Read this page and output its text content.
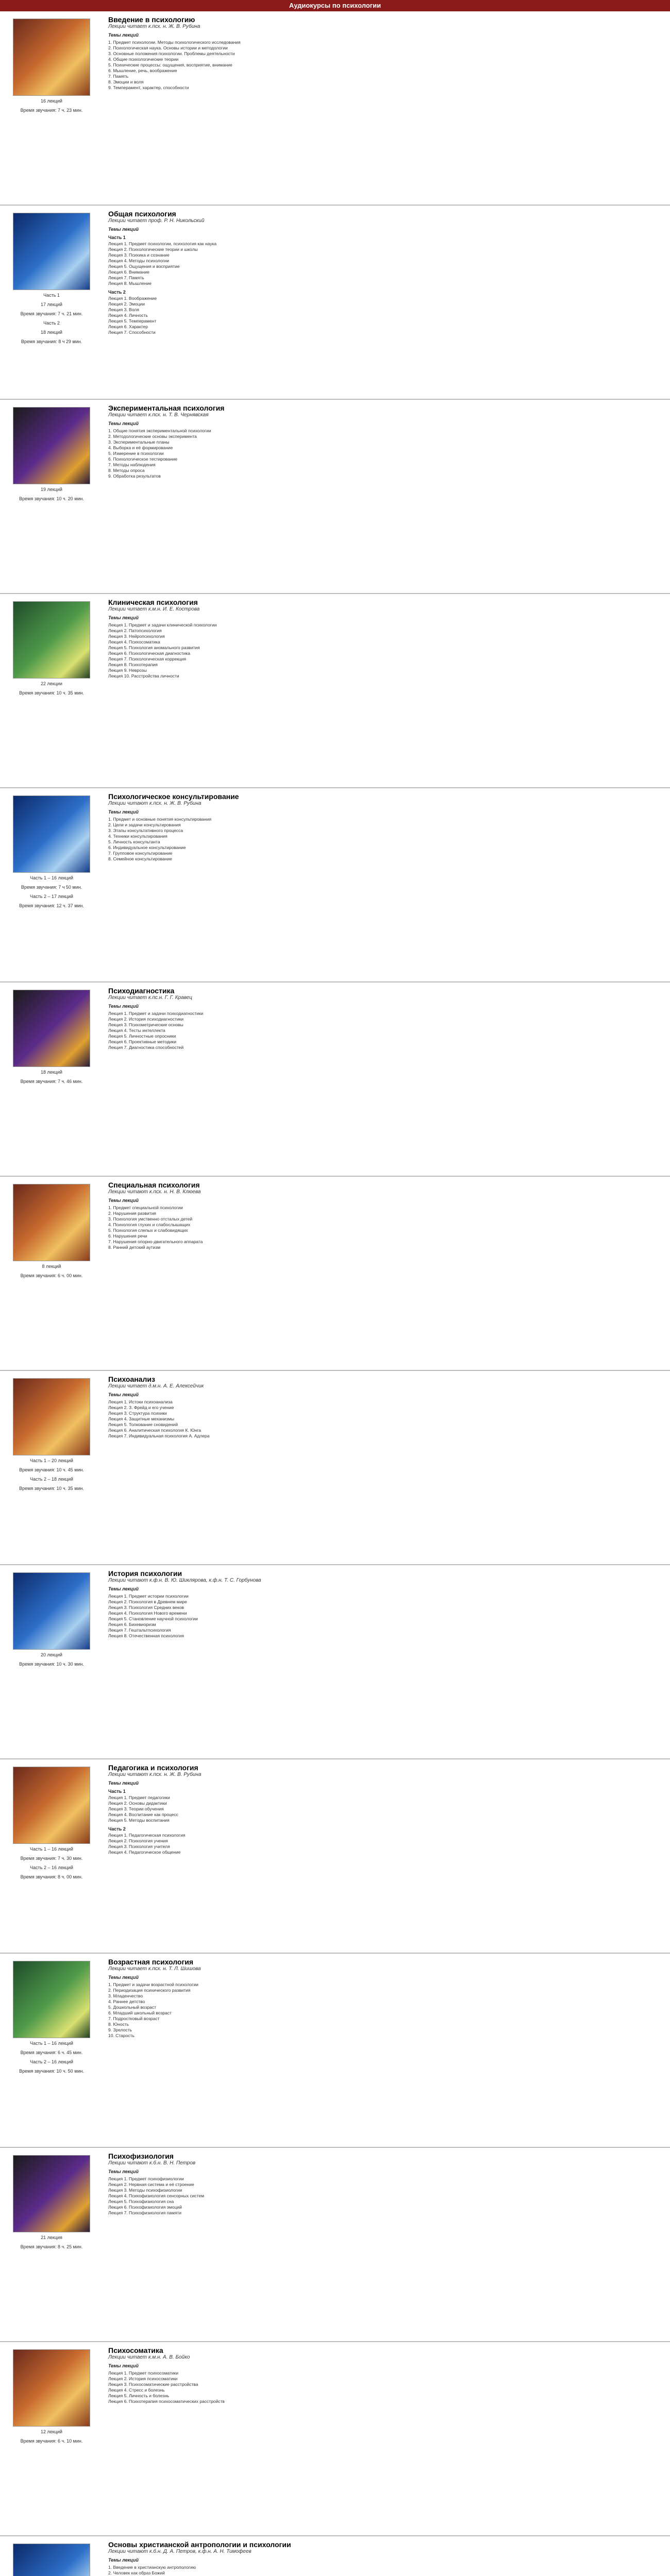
Аудиокурсы по психологии
16 лекций
Время звучания: 7 ч. 23 мин.
Введение в психологию
Лекции читает к.псх. н. Ж. В. Рубина
Темы лекций
1. Предмет психологии. Методы психологического исследования
2. Психологическая наука. Основы истории и методологии
3. Основные положения психологии. Проблемы деятельности
4. Общие психологические теории
5. Психические процессы: ощущения, восприятие, внимание
6. Мышление, речь, воображение
7. Память
8. Эмоции и воля
9. Темперамент, характер, способности
Часть 1
17 лекций
Время звучания: 7 ч. 21 мин.
Часть 2
18 лекций
Время звучания: 8 ч 29 мин.
Общая психология
Лекции читает проф. Р. Н. Никольский
Темы лекций
Часть 1
Лекция 1. Предмет психологии, психология как наука
Лекция 2. Психологические теории и школы
Лекция 3. Психика и сознание
Лекция 4. Методы психологии
Лекция 5. Ощущения и восприятие
Лекция 6. Внимание
Лекция 7. Память
Лекция 8. Мышление
Часть 2
Лекция 1. Воображение
Лекция 2. Эмоции
Лекция 3. Воля
Лекция 4. Личность
Лекция 5. Темперамент
Лекция 6. Характер
Лекция 7. Способности
19 лекций
Время звучания: 10 ч. 20 мин.
Экспериментальная психология
Лекции читает к.псх. н. Т. В. Чернявская
Темы лекций
1. Общие понятия экспериментальной психологии
2. Методологические основы эксперимента
3. Экспериментальные планы
4. Выборка и её формирование
5. Измерение в психологии
6. Психологическое тестирование
7. Методы наблюдения
8. Методы опроса
9. Обработка результатов
22 лекции
Время звучания: 10 ч. 35 мин.
Клиническая психология
Лекции читает к.м.н. И. Е. Кострова
Темы лекций
Лекция 1. Предмет и задачи клинической психологии
Лекция 2. Патопсихология
Лекция 3. Нейропсихология
Лекция 4. Психосоматика
Лекция 5. Психология аномального развития
Лекция 6. Психологическая диагностика
Лекция 7. Психологическая коррекция
Лекция 8. Психотерапия
Лекция 9. Неврозы
Лекция 10. Расстройства личности
Часть 1 – 16 лекций
Время звучания: 7 ч 50 мин.
Часть 2 – 17 лекций
Время звучания: 12 ч. 37 мин.
Психологическое консультирование
Лекции читают к.псх. н. Ж. В. Рубина
Темы лекций
1. Предмет и основные понятия консультирования
2. Цели и задачи консультирования
3. Этапы консультативного процесса
4. Техники консультирования
5. Личность консультанта
6. Индивидуальное консультирование
7. Групповое консультирование
8. Семейное консультирование
18 лекций
Время звучания: 7 ч. 46 мин.
Психодиагностика
Лекции читает к.пс.н. Г. Г. Кравец
Темы лекций
Лекция 1. Предмет и задачи психодиагностики
Лекция 2. История психодиагностики
Лекция 3. Психометрические основы
Лекция 4. Тесты интеллекта
Лекция 5. Личностные опросники
Лекция 6. Проективные методики
Лекция 7. Диагностика способностей
8 лекций
Время звучания: 6 ч. 00 мин.
Специальная психология
Лекции читают к.псх. н. Н. В. Клюева
Темы лекций
1. Предмет специальной психологии
2. Нарушения развития
3. Психология умственно отсталых детей
4. Психология глухих и слабослышащих
5. Психология слепых и слабовидящих
6. Нарушения речи
7. Нарушения опорно-двигательного аппарата
8. Ранний детский аутизм
Часть 1 – 20 лекций
Время звучания: 10 ч. 45 мин.
Часть 2 – 18 лекций
Время звучания: 10 ч. 35 мин.
Психоанализ
Лекции читает д.м.н. А. Е. Алексейчик
Темы лекций
Лекция 1. Истоки психоанализа
Лекция 2. З. Фрейд и его учение
Лекция 3. Структура психики
Лекция 4. Защитные механизмы
Лекция 5. Толкование сновидений
Лекция 6. Аналитическая психология К. Юнга
Лекция 7. Индивидуальная психология А. Адлера
20 лекций
Время звучания: 10 ч. 30 мин.
История психологии
Лекции читают к.ф.н. В. Ю. Шиклярова, к.ф.н. Т. С. Горбунова
Темы лекций
Лекция 1. Предмет истории психологии
Лекция 2. Психология в Древнем мире
Лекция 3. Психология Средних веков
Лекция 4. Психология Нового времени
Лекция 5. Становление научной психологии
Лекция 6. Бихевиоризм
Лекция 7. Гештальтпсихология
Лекция 8. Отечественная психология
Часть 1 – 16 лекций
Время звучания: 7 ч. 30 мин.
Часть 2 – 16 лекций
Время звучания: 8 ч. 00 мин.
Педагогика и психология
Лекции читают к.псх. н. Ж. В. Рубина
Темы лекций
Часть 1
Лекция 1. Предмет педагогики
Лекция 2. Основы дидактики
Лекция 3. Теории обучения
Лекция 4. Воспитание как процесс
Лекция 5. Методы воспитания
Часть 2
Лекция 1. Педагогическая психология
Лекция 2. Психология учения
Лекция 3. Психология учителя
Лекция 4. Педагогическое общение
Часть 1 – 16 лекций
Время звучания: 6 ч. 45 мин.
Часть 2 – 16 лекций
Время звучания: 10 ч. 50 мин.
Возрастная психология
Лекции читает к.псх. н. Т. Л. Шишова
Темы лекций
1. Предмет и задачи возрастной психологии
2. Периодизация психического развития
3. Младенчество
4. Раннее детство
5. Дошкольный возраст
6. Младший школьный возраст
7. Подростковый возраст
8. Юность
9. Зрелость
10. Старость
21 лекция
Время звучания: 8 ч. 25 мин.
Психофизиология
Лекции читают к.б.н. В. Н. Петров
Темы лекций
Лекция 1. Предмет психофизиологии
Лекция 2. Нервная система и её строение
Лекция 3. Методы психофизиологии
Лекция 4. Психофизиология сенсорных систем
Лекция 5. Психофизиология сна
Лекция 6. Психофизиология эмоций
Лекция 7. Психофизиология памяти
12 лекций
Время звучания: 6 ч. 10 мин.
Психосоматика
Лекции читает к.м.н. А. В. Бойко
Темы лекций
Лекция 1. Предмет психосоматики
Лекция 2. История психосоматики
Лекция 3. Психосоматические расстройства
Лекция 4. Стресс и болезнь
Лекция 5. Личность и болезнь
Лекция 6. Психотерапия психосоматических расстройств
Основы христианской антропологии и психологии
Лекции читают к.б.н. Д. А. Петров, к.ф.н. А. Н. Тимофеев
Темы лекций
1. Введение в христианскую антропологию
2. Человек как образ Божий
